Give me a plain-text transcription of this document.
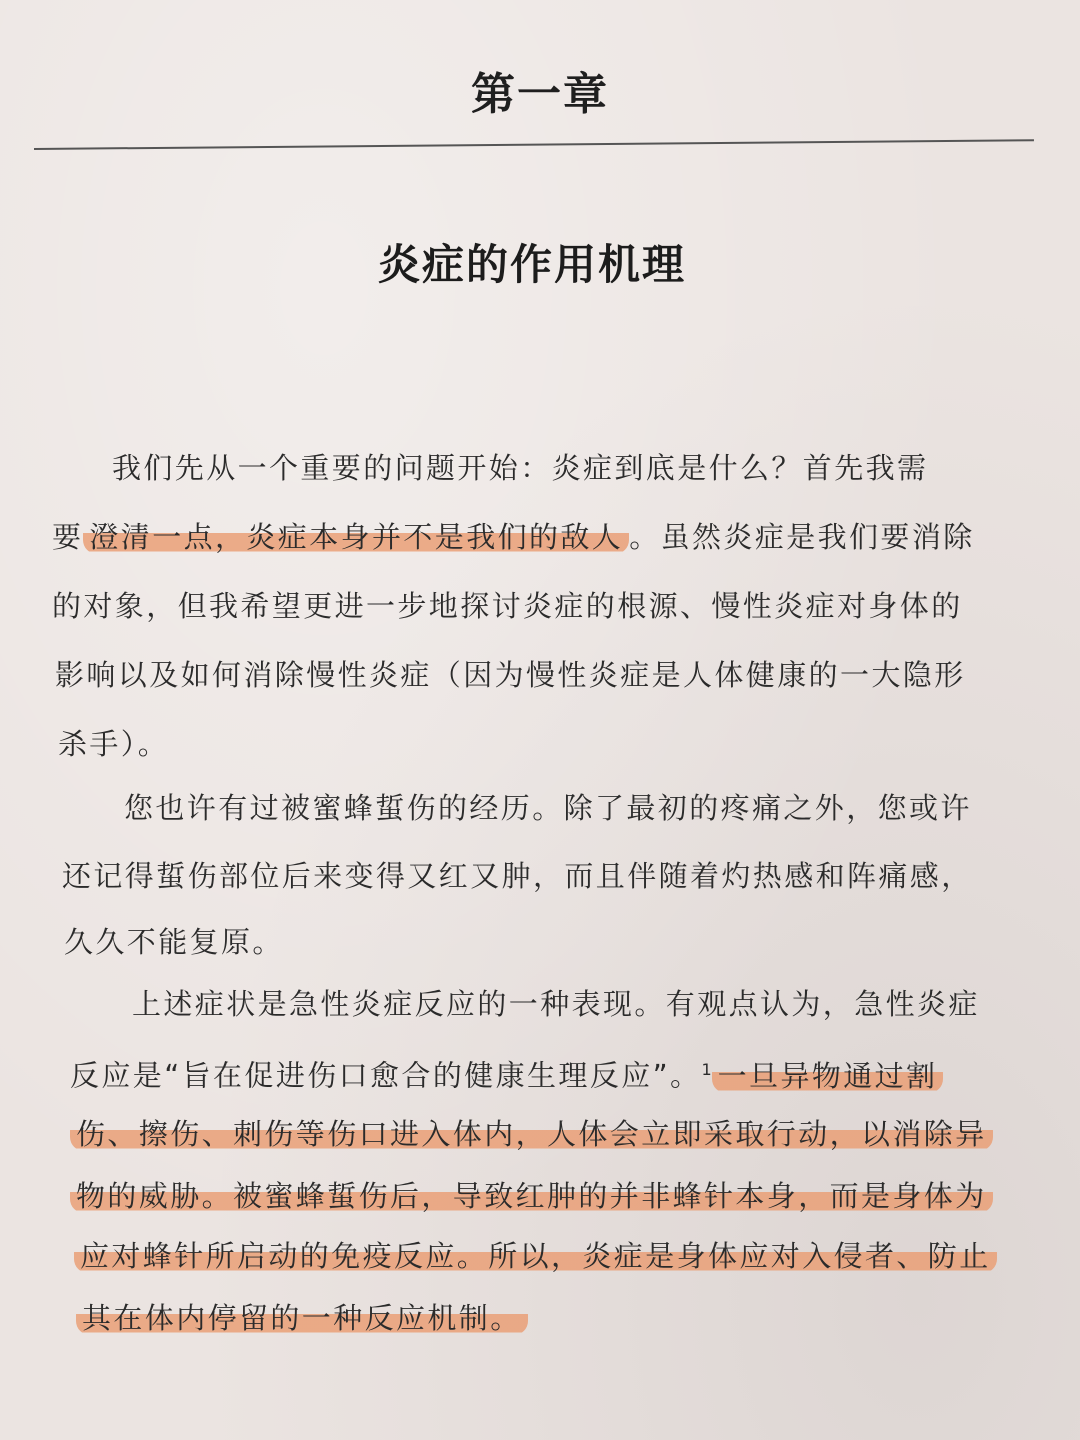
第一章
炎症的作用机理
我们先从一个重要的问题开始：炎症到底是什么？首先我需
要 澄清一点，炎症本身并不是我们的敌人 。虽然炎症是我们要消除
的对象，但我希望更进一步地探讨炎症的根源、慢性炎症对身体的
影响以及如何消除慢性炎症（因为慢性炎症是人体健康的一大隐形
杀手）。
您也许有过被蜜蜂蜇伤的经历。除了最初的疼痛之外，您或许
还记得蜇伤部位后来变得又红又肿，而且伴随着灼热感和阵痛感，
久久不能复原。
上述症状是急性炎症反应的一种表现。有观点认为，急性炎症
反应是“旨在促进伤口愈合的健康生理反应”。$^1$ 一旦异物通过割
伤、擦伤、刺伤等伤口进入体内，人体会立即采取行动，以消除异
物的威胁。被蜜蜂蜇伤后，导致红肿的并非蜂针本身，而是身体为
应对蜂针所启动的免疫反应。所以，炎症是身体应对入侵者、防止
其在体内停留的一种反应机制。
